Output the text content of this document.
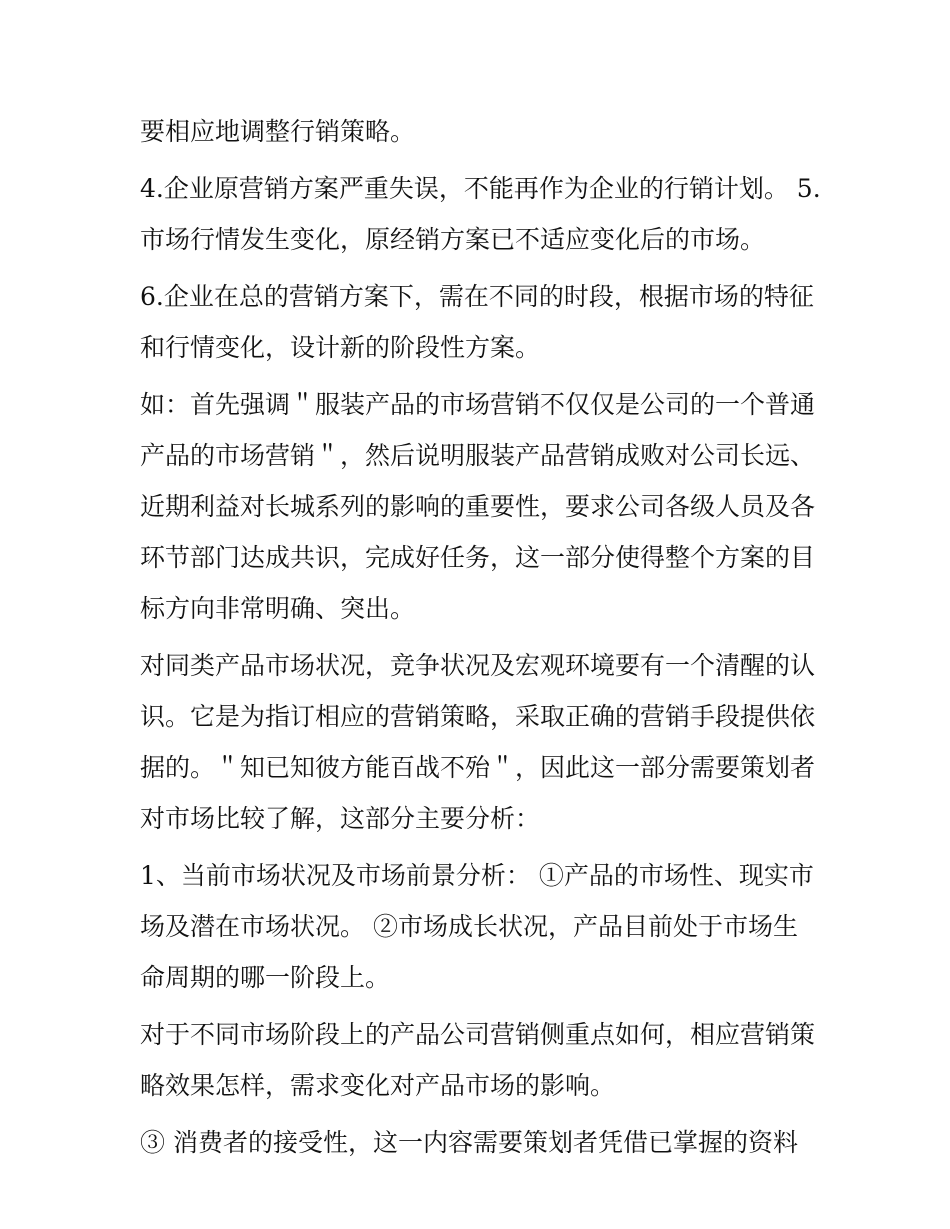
要相应地调整行销策略。

4.企业原营销方案严重失误，不能再作为企业的行销计划。 5.
市场行情发生变化，原经销方案已不适应变化后的市场。

6.企业在总的营销方案下，需在不同的时段，根据市场的特征
和行情变化，设计新的阶段性方案。

如：首先强调＂服装产品的市场营销不仅仅是公司的一个普通
产品的市场营销＂，然后说明服装产品营销成败对公司长远、
近期利益对长城系列的影响的重要性，要求公司各级人员及各
环节部门达成共识，完成好任务，这一部分使得整个方案的目
标方向非常明确、突出。

对同类产品市场状况，竞争状况及宏观环境要有一个清醒的认
识。它是为指订相应的营销策略，采取正确的营销手段提供依
据的。＂知已知彼方能百战不殆＂，因此这一部分需要策划者
对市场比较了解，这部分主要分析：

1、当前市场状况及市场前景分析： ①产品的市场性、现实市
场及潜在市场状况。 ②市场成长状况，产品目前处于市场生
命周期的哪一阶段上。

对于不同市场阶段上的产品公司营销侧重点如何，相应营销策
略效果怎样，需求变化对产品市场的影响。

③ 消费者的接受性，这一内容需要策划者凭借已掌握的资料
